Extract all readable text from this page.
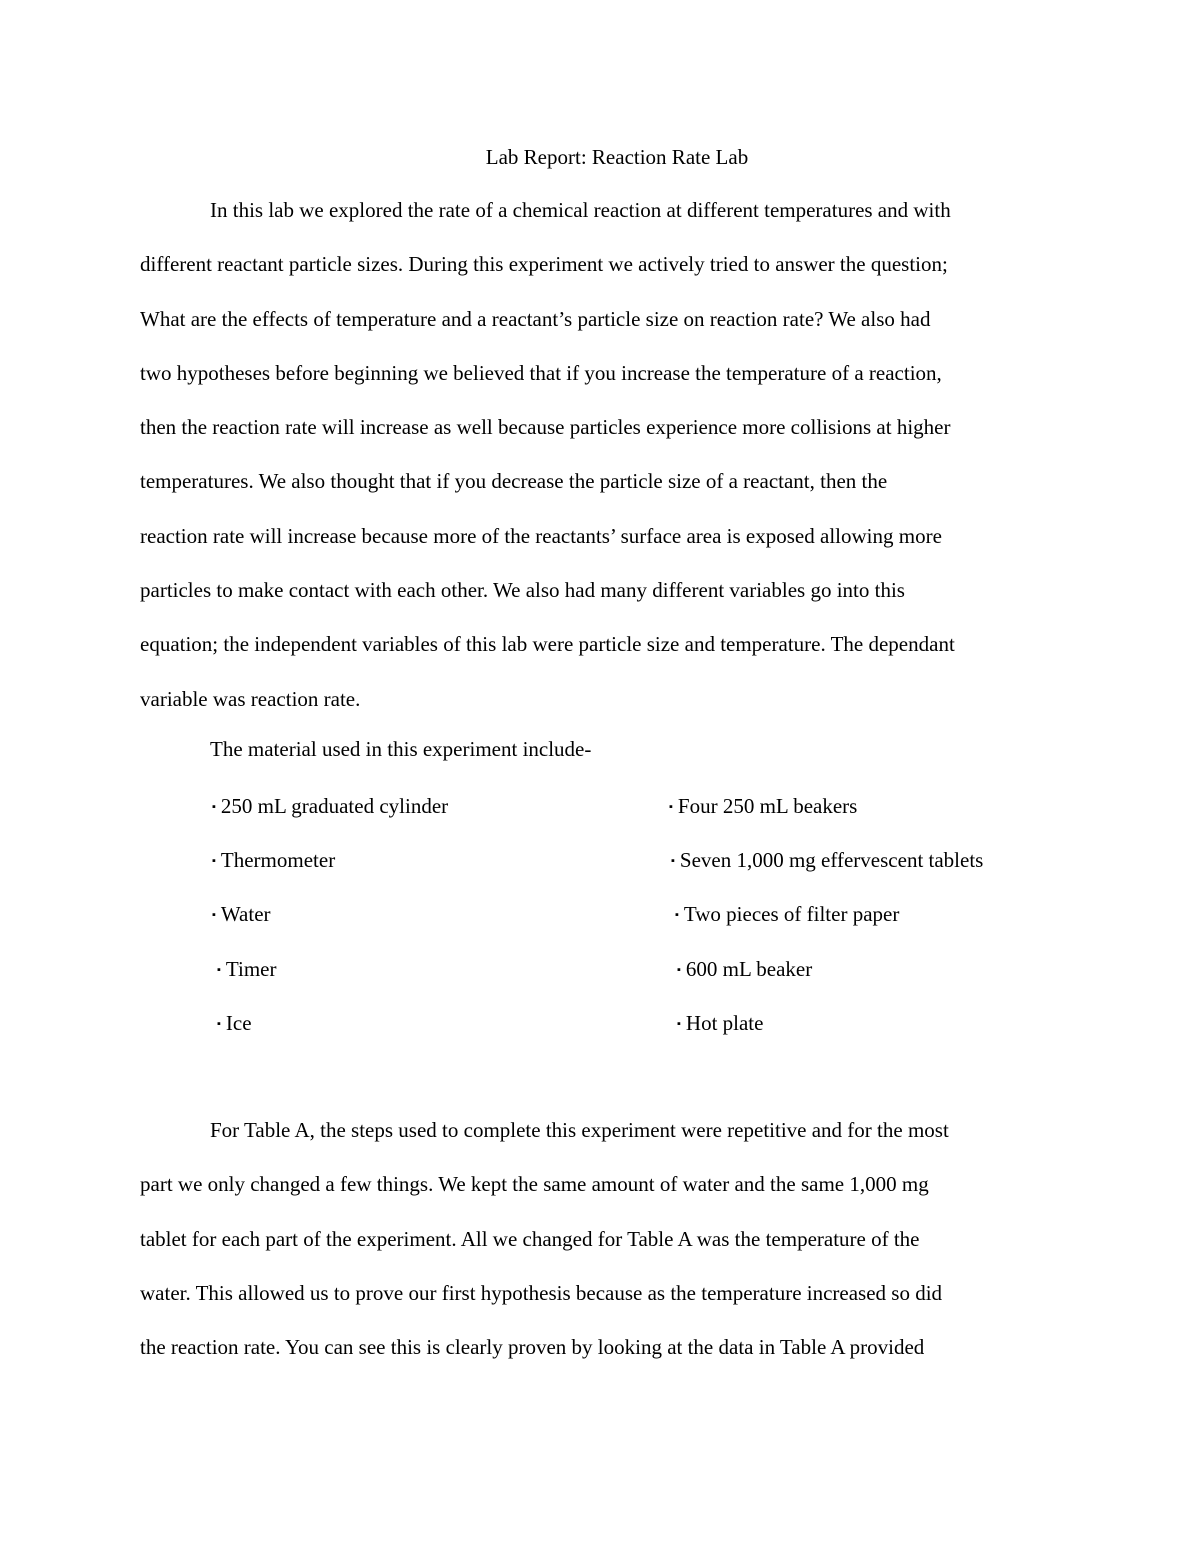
Lab Report: Reaction Rate Lab

In this lab we explored the rate of a chemical reaction at different temperatures and with
different reactant particle sizes. During this experiment we actively tried to answer the question;
What are the effects of temperature and a reactant’s particle size on reaction rate? We also had
two hypotheses before beginning we believed that if you increase the temperature of a reaction,
then the reaction rate will increase as well because particles experience more collisions at higher
temperatures. We also thought that if you decrease the particle size of a reactant, then the
reaction rate will increase because more of the reactants’ surface area is exposed allowing more
particles to make contact with each other. We also had many different variables go into this
equation; the independent variables of this lab were particle size and temperature. The dependant
variable was reaction rate.

The material used in this experiment include-
▪ 250 mL graduated cylinder
▪ Thermometer
▪ Water
▪ Timer
▪ Ice
▪ Four 250 mL beakers
▪ Seven 1,000 mg effervescent tablets
▪ Two pieces of filter paper
▪ 600 mL beaker
▪ Hot plate

For Table A, the steps used to complete this experiment were repetitive and for the most
part we only changed a few things. We kept the same amount of water and the same 1,000 mg
tablet for each part of the experiment. All we changed for Table A was the temperature of the
water. This allowed us to prove our first hypothesis because as the temperature increased so did
the reaction rate. You can see this is clearly proven by looking at the data in Table A provided
